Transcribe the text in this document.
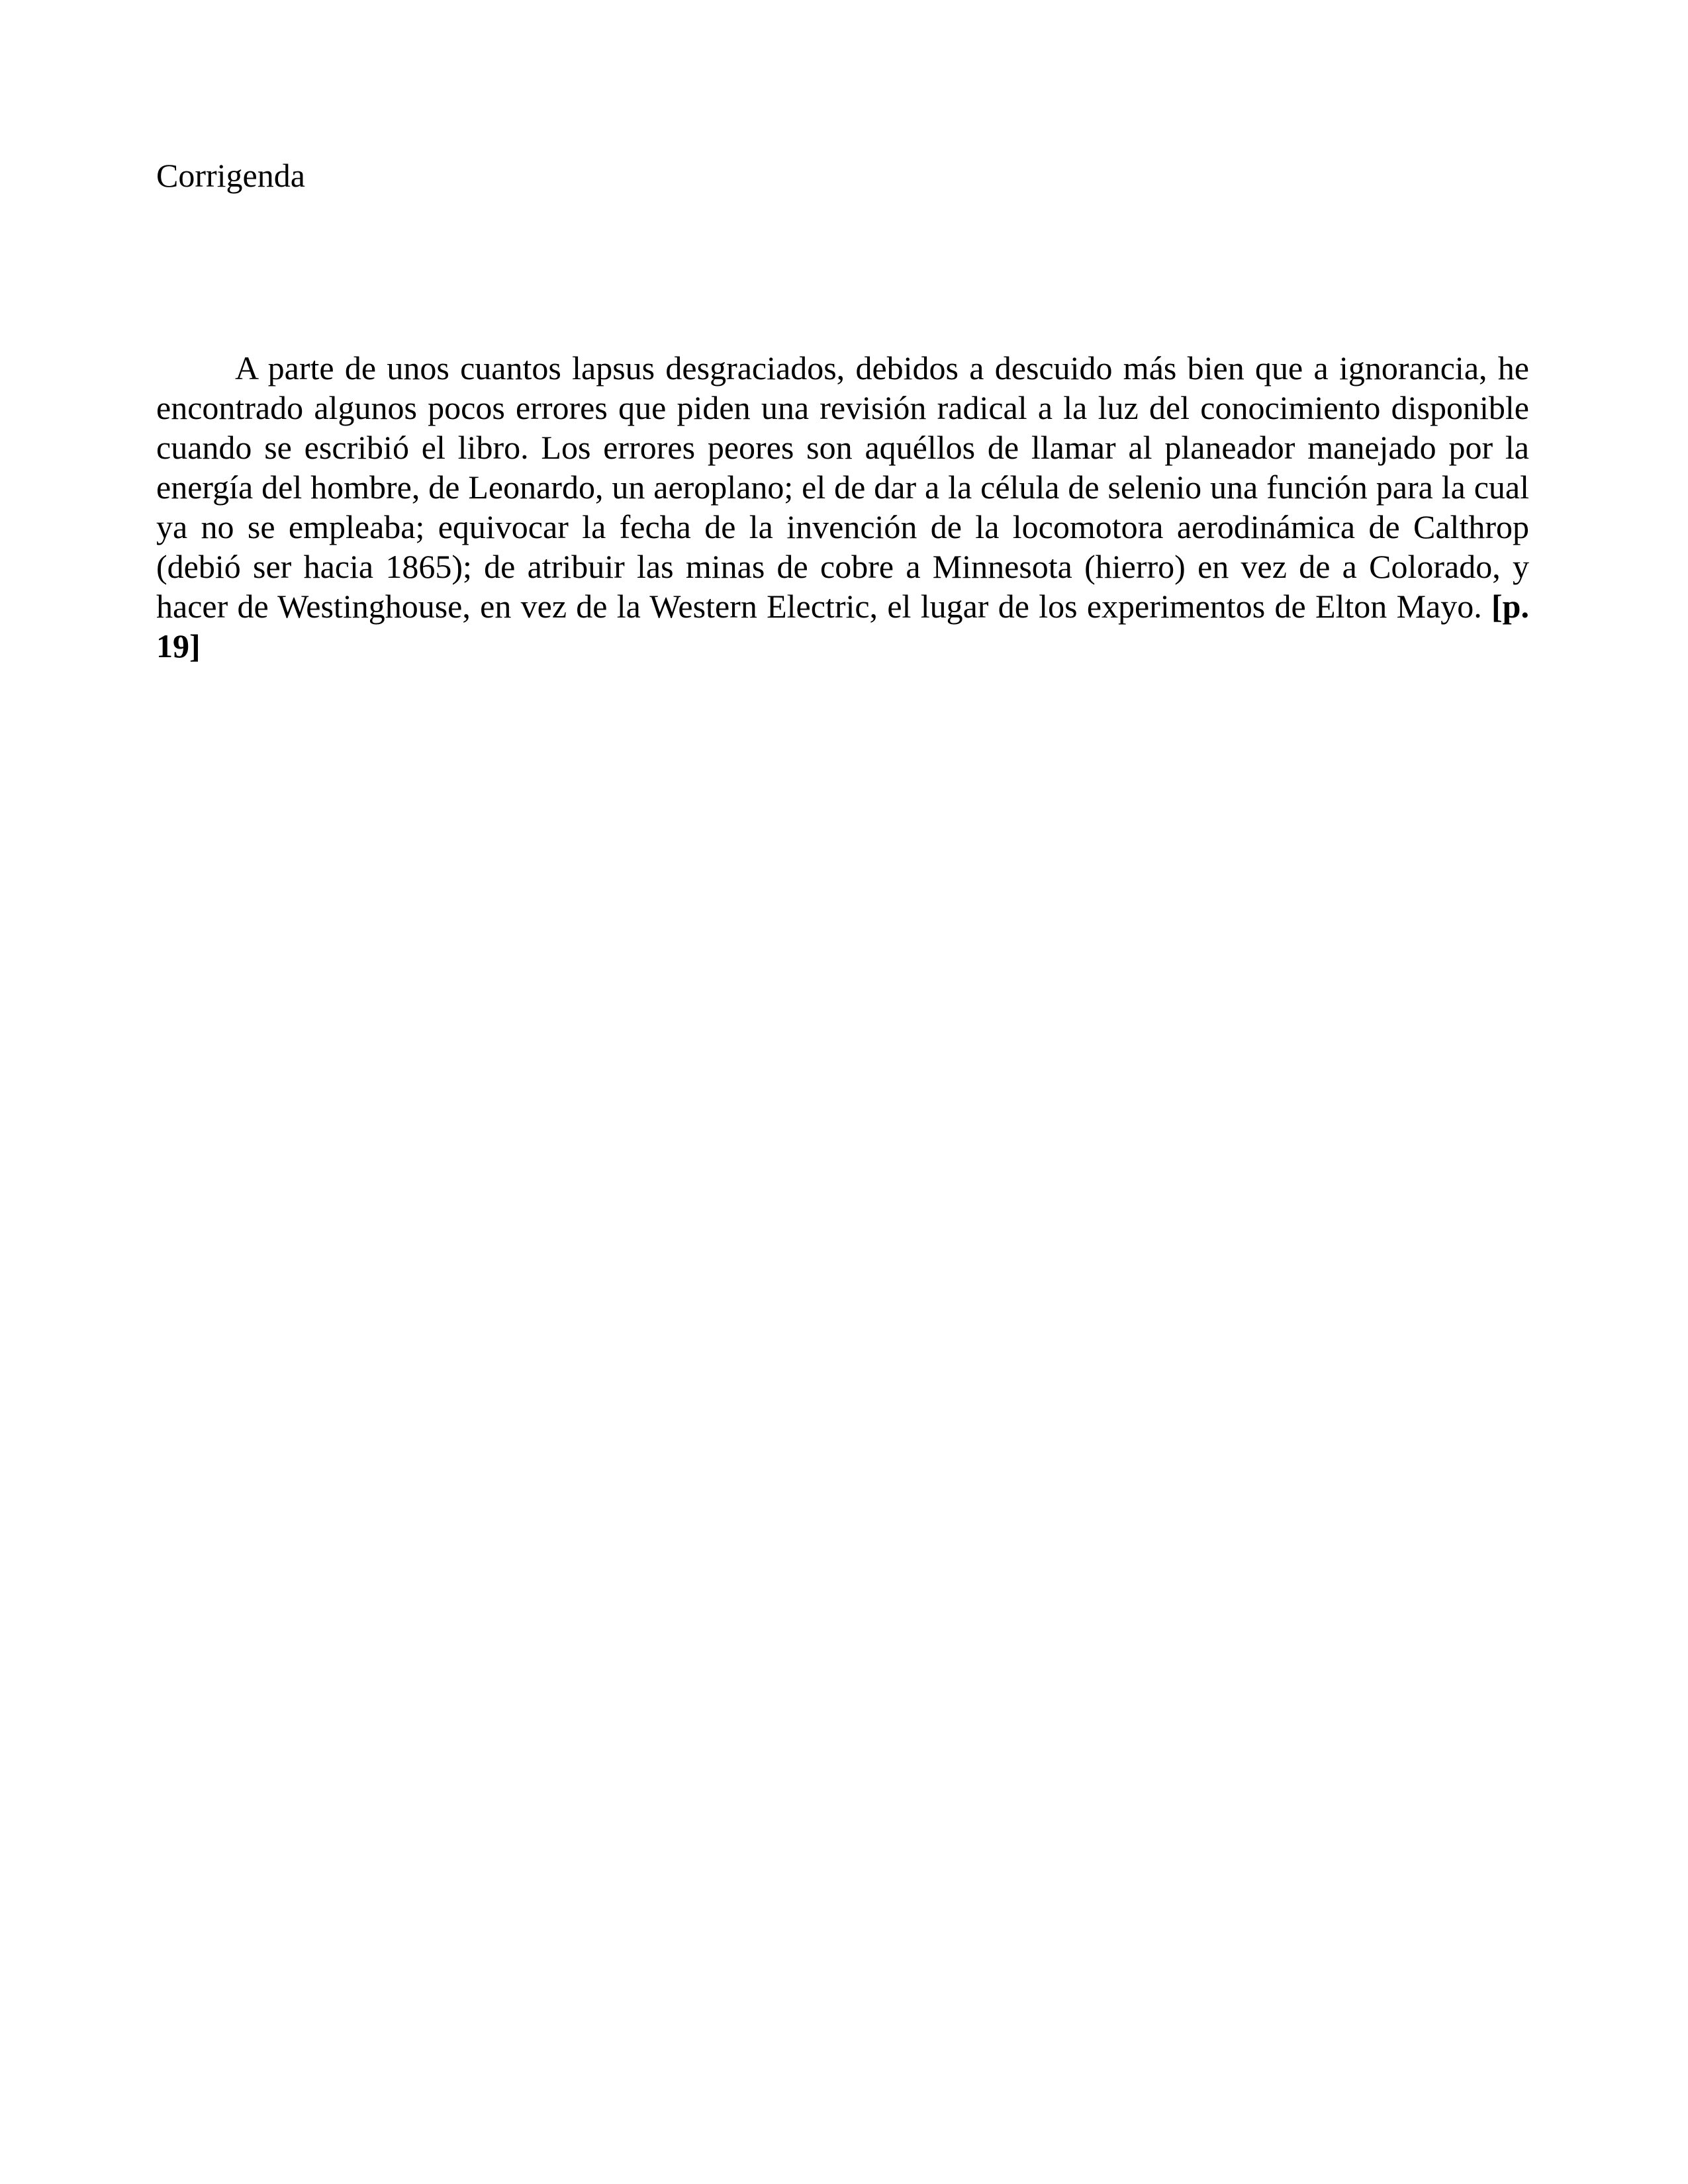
Corrigenda

A parte de unos cuantos lapsus desgraciados, debidos a descuido más bien que a ignorancia, he encontrado algunos pocos errores que piden una revisión radical a la luz del conocimiento disponible cuando se escribió el libro. Los errores peores son aquéllos de llamar al planeador manejado por la energía del hombre, de Leonardo, un aeroplano; el de dar a la célula de selenio una función para la cual ya no se empleaba; equivocar la fecha de la invención de la locomotora aerodinámica de Calthrop (debió ser hacia 1865); de atribuir las minas de cobre a Minnesota (hierro) en vez de a Colorado, y hacer de Westinghouse, en vez de la Western Electric, el lugar de los experimentos de Elton Mayo. [p. 19]
